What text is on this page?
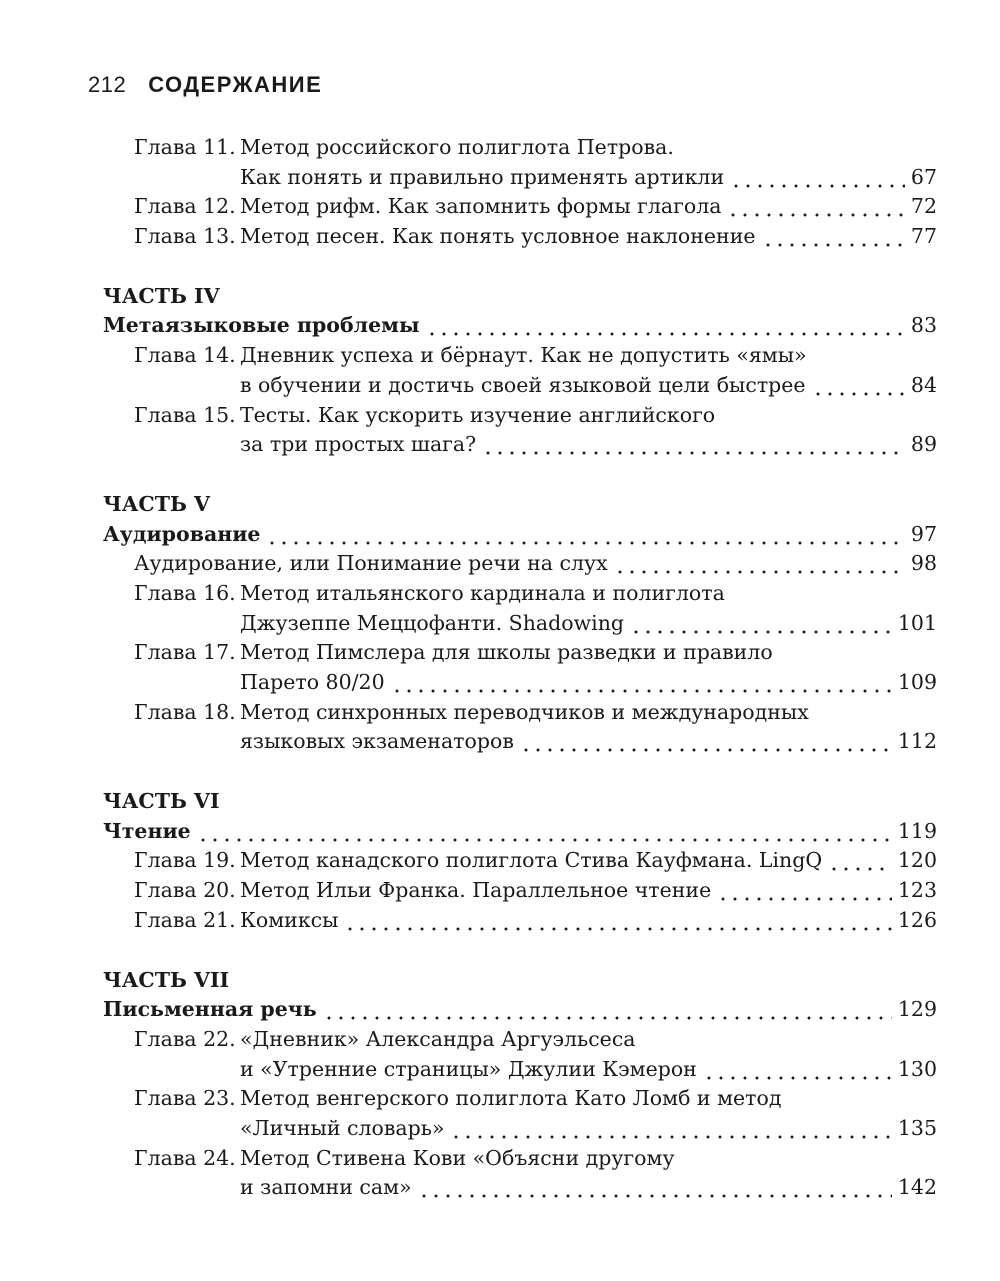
212 СОДЕРЖАНИЕ
Глава 11. Метод российского полиглота Петрова.
Как понять и правильно применять артикли	67
Глава 12. Метод рифм. Как запомнить формы глагола	72
Глава 13. Метод песен. Как понять условное наклонение	77
ЧАСТЬ IV
Метаязыковые проблемы	83
Глава 14. Дневник успеха и бёрнаут. Как не допустить «ямы»
в обучении и достичь своей языковой цели быстрее	84
Глава 15. Тесты. Как ускорить изучение английского
за три простых шага?	89
ЧАСТЬ V
Аудирование	97
Аудирование, или Понимание речи на слух	98
Глава 16. Метод итальянского кардинала и полиглота
Джузеппе Меццофанти. Shadowing	101
Глава 17. Метод Пимслера для школы разведки и правило
Парето 80/20	109
Глава 18. Метод синхронных переводчиков и международных
языковых экзаменаторов	112
ЧАСТЬ VI
Чтение	119
Глава 19. Метод канадского полиглота Стива Кауфмана. LingQ	120
Глава 20. Метод Ильи Франка. Параллельное чтение	123
Глава 21. Комиксы	126
ЧАСТЬ VII
Письменная речь	129
Глава 22. «Дневник» Александра Аргуэльсеса
и «Утренние страницы» Джулии Кэмерон	130
Глава 23. Метод венгерского полиглота Като Ломб и метод
«Личный словарь»	135
Глава 24. Метод Стивена Кови «Объясни другому
и запомни сам»	142
